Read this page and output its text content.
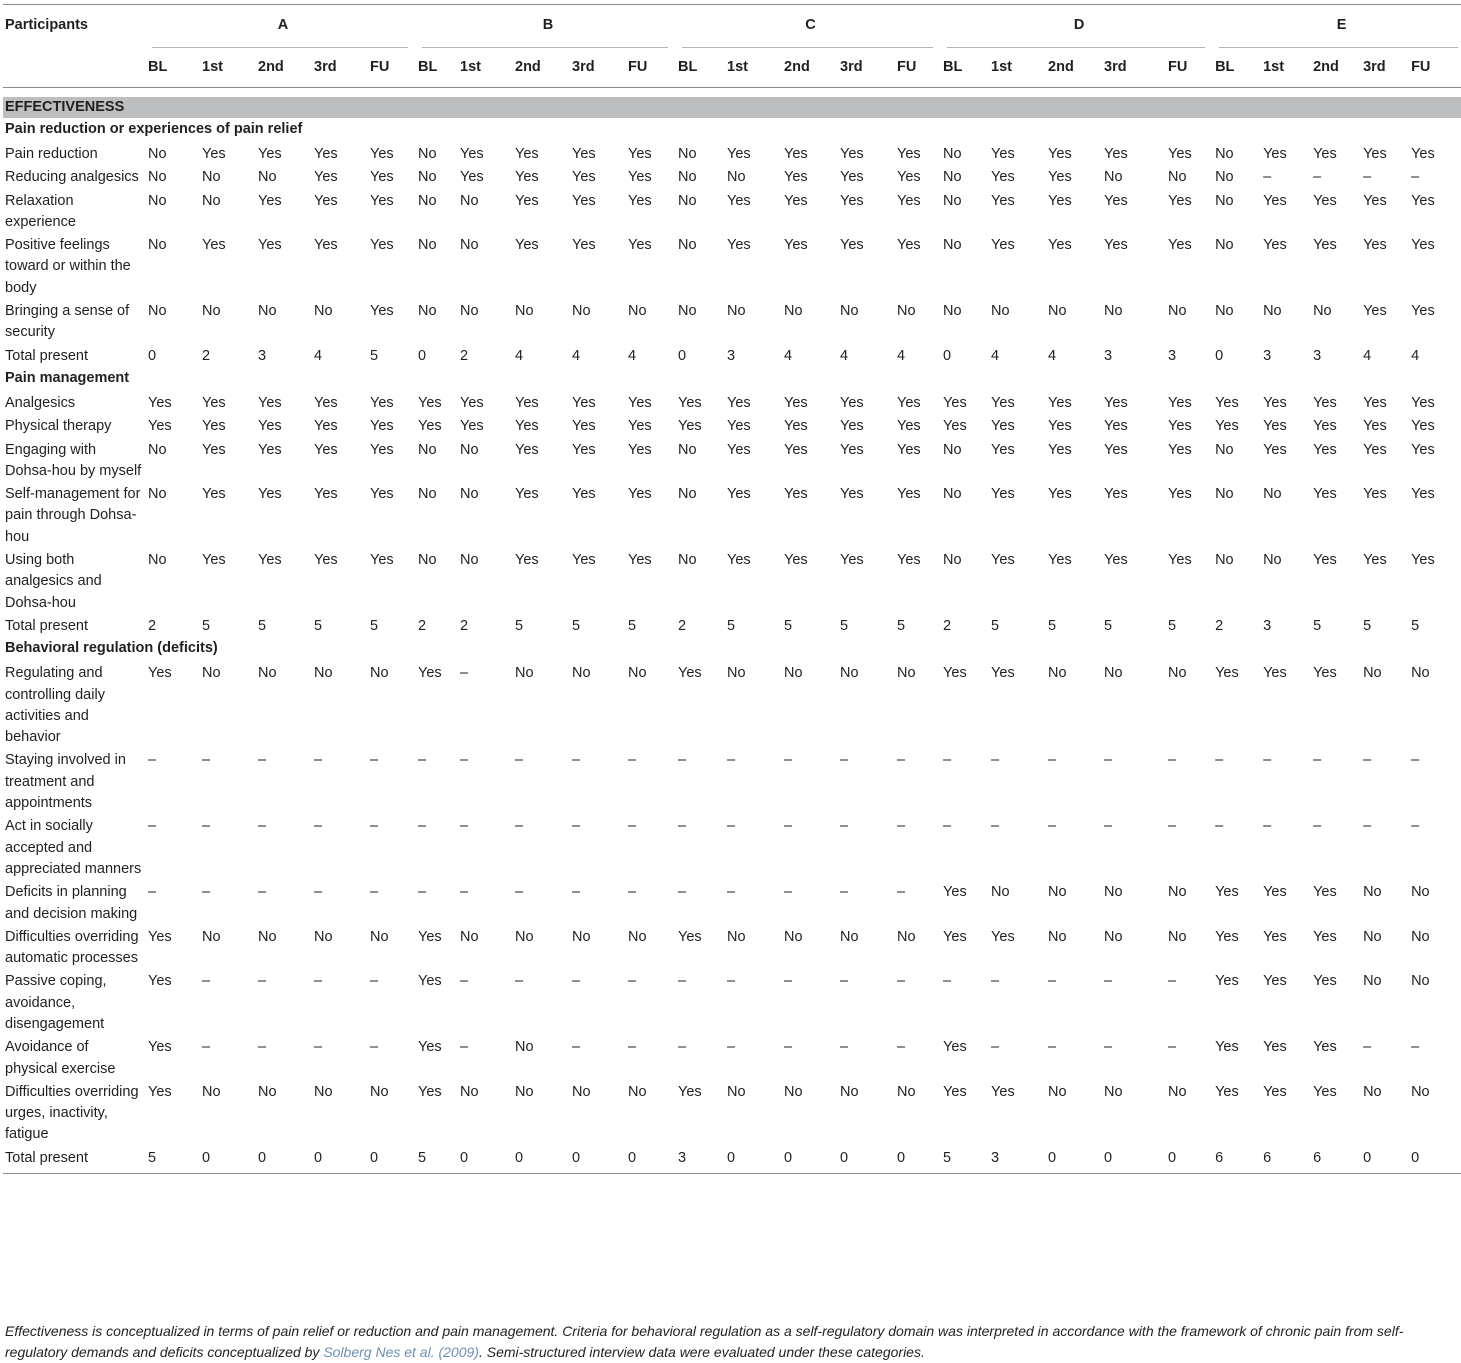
Participants	A					B					C					D					E				
	BL	1st	2nd	3rd	FU	BL	1st	2nd	3rd	FU	BL	1st	2nd	3rd	FU	BL	1st	2nd	3rd	FU	BL	1st	2nd	3rd	FU

EFFECTIVENESS																									
Pain reduction or experiences of pain relief																									
Pain reduction	No	Yes	Yes	Yes	Yes	No	Yes	Yes	Yes	Yes	No	Yes	Yes	Yes	Yes	No	Yes	Yes	Yes	Yes	No	Yes	Yes	Yes	Yes
Reducing analgesics	No	No	No	Yes	Yes	No	Yes	Yes	Yes	Yes	No	No	Yes	Yes	Yes	No	Yes	Yes	No	No	No	–	–	–	–
Relaxation experience	No	No	Yes	Yes	Yes	No	No	Yes	Yes	Yes	No	Yes	Yes	Yes	Yes	No	Yes	Yes	Yes	Yes	No	Yes	Yes	Yes	Yes
Positive feelings toward or within the body	No	Yes	Yes	Yes	Yes	No	No	Yes	Yes	Yes	No	Yes	Yes	Yes	Yes	No	Yes	Yes	Yes	Yes	No	Yes	Yes	Yes	Yes
Bringing a sense of security	No	No	No	No	Yes	No	No	No	No	No	No	No	No	No	No	No	No	No	No	No	No	No	No	Yes	Yes
Total present	0	2	3	4	5	0	2	4	4	4	0	3	4	4	4	0	4	4	3	3	0	3	3	4	4
Pain management																									
Analgesics	Yes	Yes	Yes	Yes	Yes	Yes	Yes	Yes	Yes	Yes	Yes	Yes	Yes	Yes	Yes	Yes	Yes	Yes	Yes	Yes	Yes	Yes	Yes	Yes	Yes
Physical therapy	Yes	Yes	Yes	Yes	Yes	Yes	Yes	Yes	Yes	Yes	Yes	Yes	Yes	Yes	Yes	Yes	Yes	Yes	Yes	Yes	Yes	Yes	Yes	Yes	Yes
Engaging with Dohsa-hou by myself	No	Yes	Yes	Yes	Yes	No	No	Yes	Yes	Yes	No	Yes	Yes	Yes	Yes	No	Yes	Yes	Yes	Yes	No	Yes	Yes	Yes	Yes
Self-management for pain through Dohsa-hou	No	Yes	Yes	Yes	Yes	No	No	Yes	Yes	Yes	No	Yes	Yes	Yes	Yes	No	Yes	Yes	Yes	Yes	No	No	Yes	Yes	Yes
Using both analgesics and Dohsa-hou	No	Yes	Yes	Yes	Yes	No	No	Yes	Yes	Yes	No	Yes	Yes	Yes	Yes	No	Yes	Yes	Yes	Yes	No	No	Yes	Yes	Yes
Total present	2	5	5	5	5	2	2	5	5	5	2	5	5	5	5	2	5	5	5	5	2	3	5	5	5
Behavioral regulation (deficits)																									
Regulating and controlling daily activities and behavior	Yes	No	No	No	No	Yes	–	No	No	No	Yes	No	No	No	No	Yes	Yes	No	No	No	Yes	Yes	Yes	No	No
Staying involved in treatment and appointments	–	–	–	–	–	–	–	–	–	–	–	–	–	–	–	–	–	–	–	–	–	–	–	–	–
Act in socially accepted and appreciated manners	–	–	–	–	–	–	–	–	–	–	–	–	–	–	–	–	–	–	–	–	–	–	–	–	–
Deficits in planning and decision making	–	–	–	–	–	–	–	–	–	–	–	–	–	–	–	Yes	No	No	No	No	Yes	Yes	Yes	No	No
Difficulties overriding automatic processes	Yes	No	No	No	No	Yes	No	No	No	No	Yes	No	No	No	No	Yes	Yes	No	No	No	Yes	Yes	Yes	No	No
Passive coping, avoidance, disengagement	Yes	–	–	–	–	Yes	–	–	–	–	–	–	–	–	–	–	–	–	–	–	Yes	Yes	Yes	No	No
Avoidance of physical exercise	Yes	–	–	–	–	Yes	–	No	–	–	–	–	–	–	–	Yes	–	–	–	–	Yes	Yes	Yes	–	–
Difficulties overriding urges, inactivity, fatigue	Yes	No	No	No	No	Yes	No	No	No	No	Yes	No	No	No	No	Yes	Yes	No	No	No	Yes	Yes	Yes	No	No
Total present	5	0	0	0	0	5	0	0	0	0	3	0	0	0	0	5	3	0	0	0	6	6	6	0	0
Effectiveness is conceptualized in terms of pain relief or reduction and pain management. Criteria for behavioral regulation as a self-regulatory domain was interpreted in accordance with the framework of chronic pain from self-regulatory demands and deficits conceptualized by Solberg Nes et al. (2009). Semi-structured interview data were evaluated under these categories.
